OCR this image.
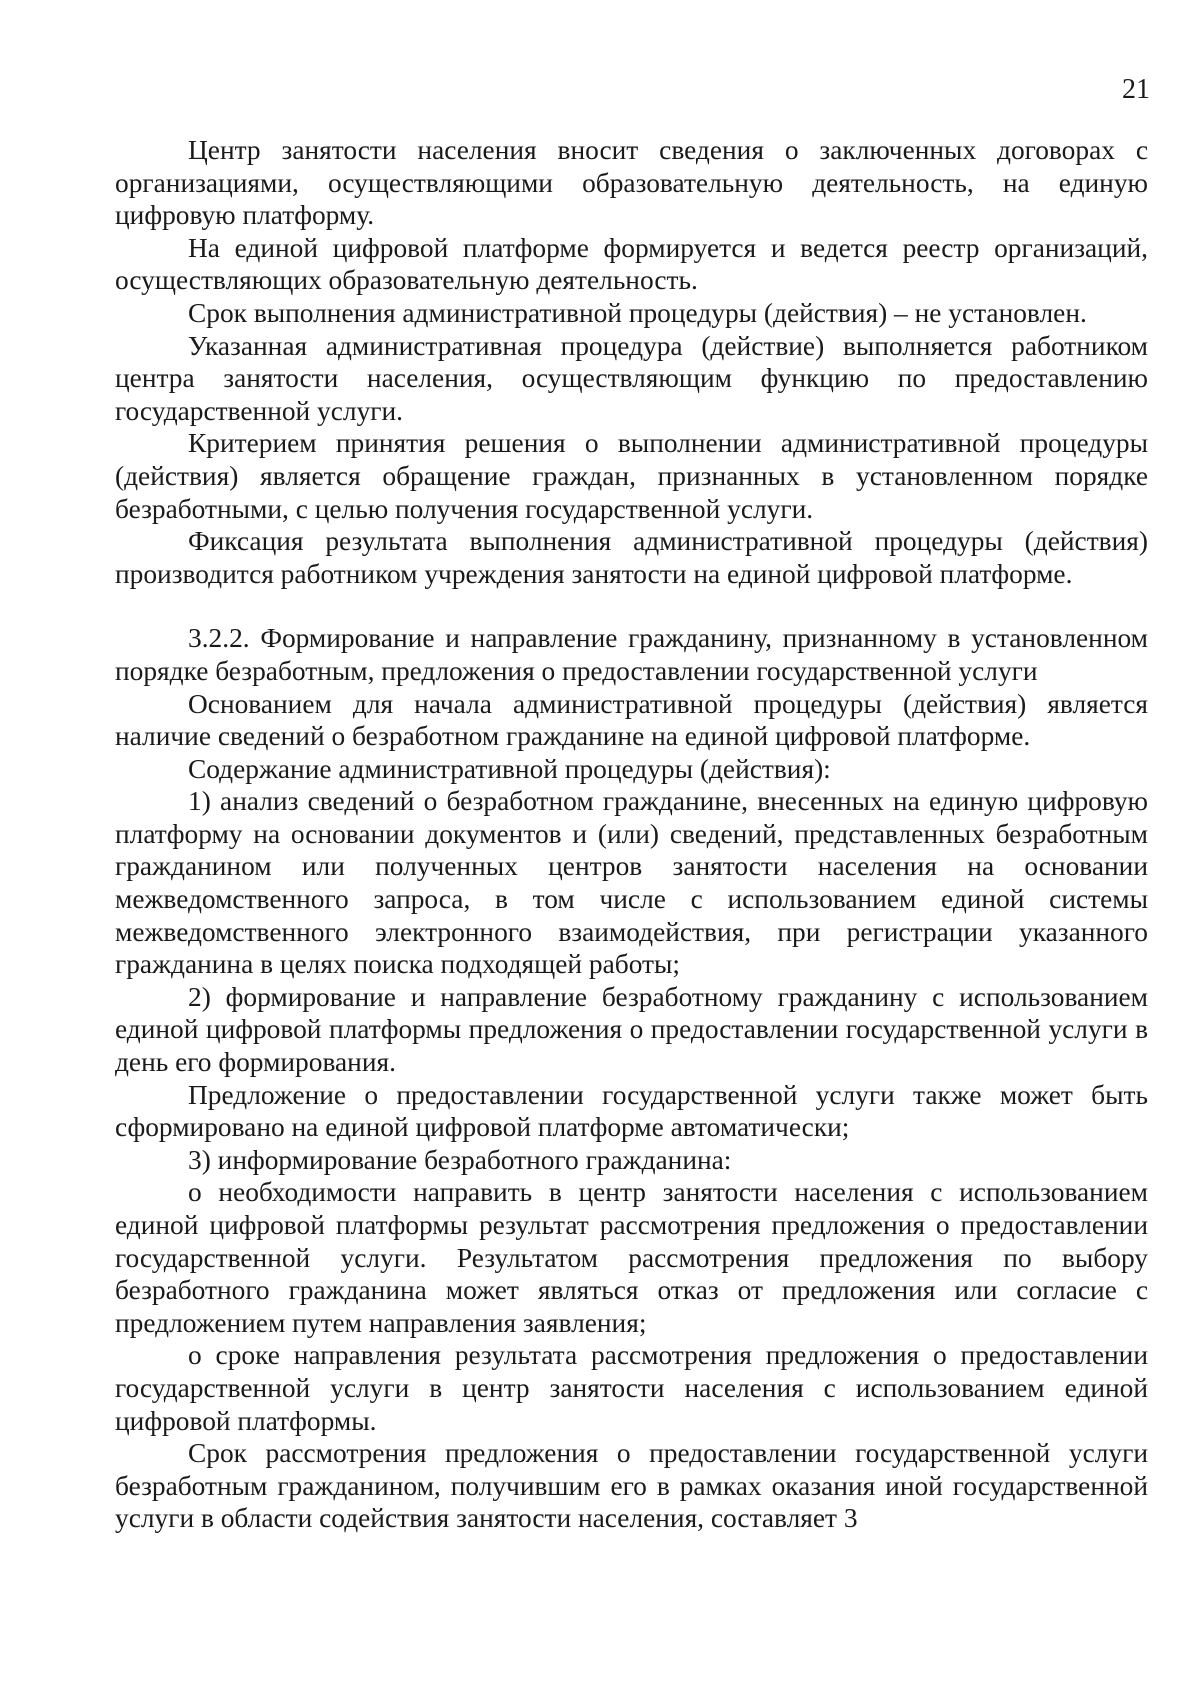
21

Центр занятости населения вносит сведения о заключенных договорах с организациями, осуществляющими образовательную деятельность, на единую цифровую платформу.

На единой цифровой платформе формируется и ведется реестр организаций, осуществляющих образовательную деятельность.

Срок выполнения административной процедуры (действия) – не установлен.

Указанная административная процедура (действие) выполняется работником центра занятости населения, осуществляющим функцию по предоставлению государственной услуги.

Критерием принятия решения о выполнении административной процедуры (действия) является обращение граждан, признанных в установленном порядке безработными, с целью получения государственной услуги.

Фиксация результата выполнения административной процедуры (действия) производится работником учреждения занятости на единой цифровой платформе.

3.2.2. Формирование и направление гражданину, признанному в установленном порядке безработным, предложения о предоставлении государственной услуги

Основанием для начала административной процедуры (действия) является наличие сведений о безработном гражданине на единой цифровой платформе.

Содержание административной процедуры (действия):

1) анализ сведений о безработном гражданине, внесенных на единую цифровую платформу на основании документов и (или) сведений, представленных безработным гражданином или полученных центров занятости населения на основании межведомственного запроса, в том числе с использованием единой системы межведомственного электронного взаимодействия, при регистрации указанного гражданина в целях поиска подходящей работы;

2) формирование и направление безработному гражданину с использованием единой цифровой платформы предложения о предоставлении государственной услуги в день его формирования.

Предложение о предоставлении государственной услуги также может быть сформировано на единой цифровой платформе автоматически;

3) информирование безработного гражданина:

о необходимости направить в центр занятости населения с использованием единой цифровой платформы результат рассмотрения предложения о предоставлении государственной услуги. Результатом рассмотрения предложения по выбору безработного гражданина может являться отказ от предложения или согласие с предложением путем направления заявления;

о сроке направления результата рассмотрения предложения о предоставлении государственной услуги в центр занятости населения с использованием единой цифровой платформы.

Срок рассмотрения предложения о предоставлении государственной услуги безработным гражданином, получившим его в рамках оказания иной государственной услуги в области содействия занятости населения, составляет 3
